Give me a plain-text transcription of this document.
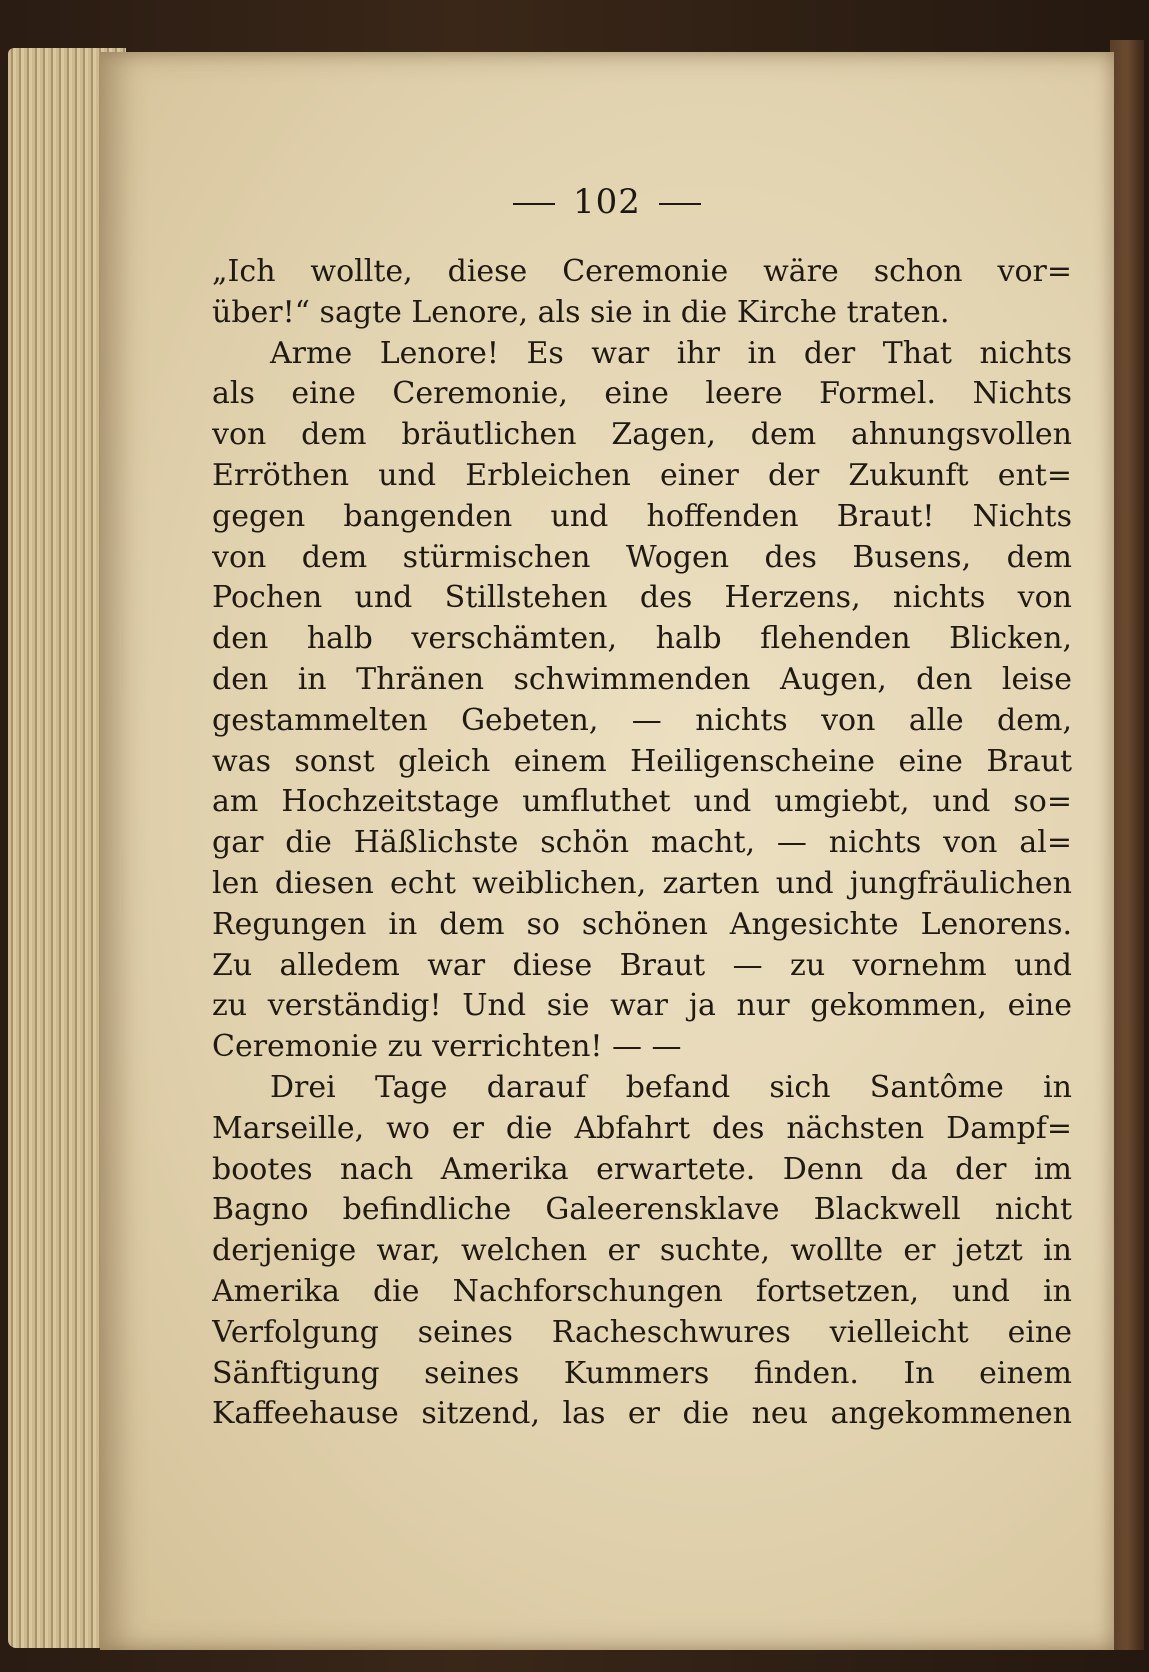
102
„Ich wollte, diese Ceremonie wäre schon vor=
über!“ sagte Lenore, als sie in die Kirche traten.
Arme Lenore! Es war ihr in der That nichts
als eine Ceremonie, eine leere Formel. Nichts
von dem bräutlichen Zagen, dem ahnungsvollen
Erröthen und Erbleichen einer der Zukunft ent=
gegen bangenden und hoffenden Braut! Nichts
von dem stürmischen Wogen des Busens, dem
Pochen und Stillstehen des Herzens, nichts von
den halb verschämten, halb flehenden Blicken,
den in Thränen schwimmenden Augen, den leise
gestammelten Gebeten, — nichts von alle dem,
was sonst gleich einem Heiligenscheine eine Braut
am Hochzeitstage umfluthet und umgiebt, und so=
gar die Häßlichste schön macht, — nichts von al=
len diesen echt weiblichen, zarten und jungfräulichen
Regungen in dem so schönen Angesichte Lenorens.
Zu alledem war diese Braut — zu vornehm und
zu verständig! Und sie war ja nur gekommen, eine
Ceremonie zu verrichten! — —
Drei Tage darauf befand sich Santôme in
Marseille, wo er die Abfahrt des nächsten Dampf=
bootes nach Amerika erwartete. Denn da der im
Bagno befindliche Galeerensklave Blackwell nicht
derjenige war, welchen er suchte, wollte er jetzt in
Amerika die Nachforschungen fortsetzen, und in
Verfolgung seines Racheschwures vielleicht eine
Sänftigung seines Kummers finden. In einem
Kaffeehause sitzend, las er die neu angekommenen
